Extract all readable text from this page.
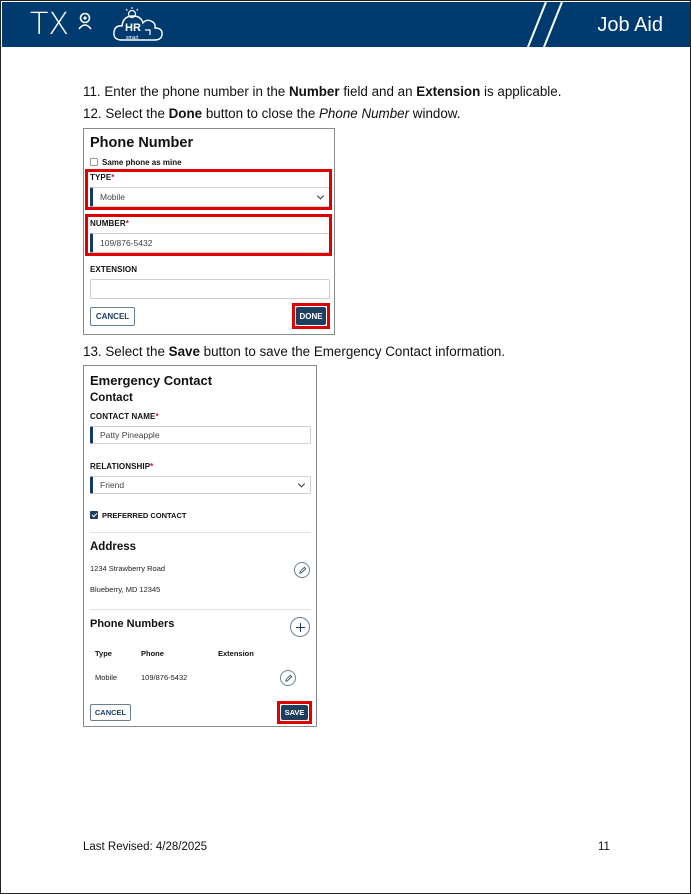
TX	HR
smart
Job Aid
11. Enter the phone number in the Number field and an Extension is applicable.
12. Select the Done button to close the Phone Number window.
Phone Number
Same phone as mine
TYPE*
Mobile
NUMBER*
109/876-5432
EXTENSION
CANCEL	DONE
13. Select the Save button to save the Emergency Contact information.
Emergency Contact
Contact
CONTACT NAME*
Patty Pineapple
RELATIONSHIP*
Friend
PREFERRED CONTACT
Address
1234 Strawberry Road
Blueberry, MD 12345
Phone Numbers
Type	Phone	Extension
Mobile	109/876-5432
CANCEL	SAVE
Last Revised: 4/28/2025	11
